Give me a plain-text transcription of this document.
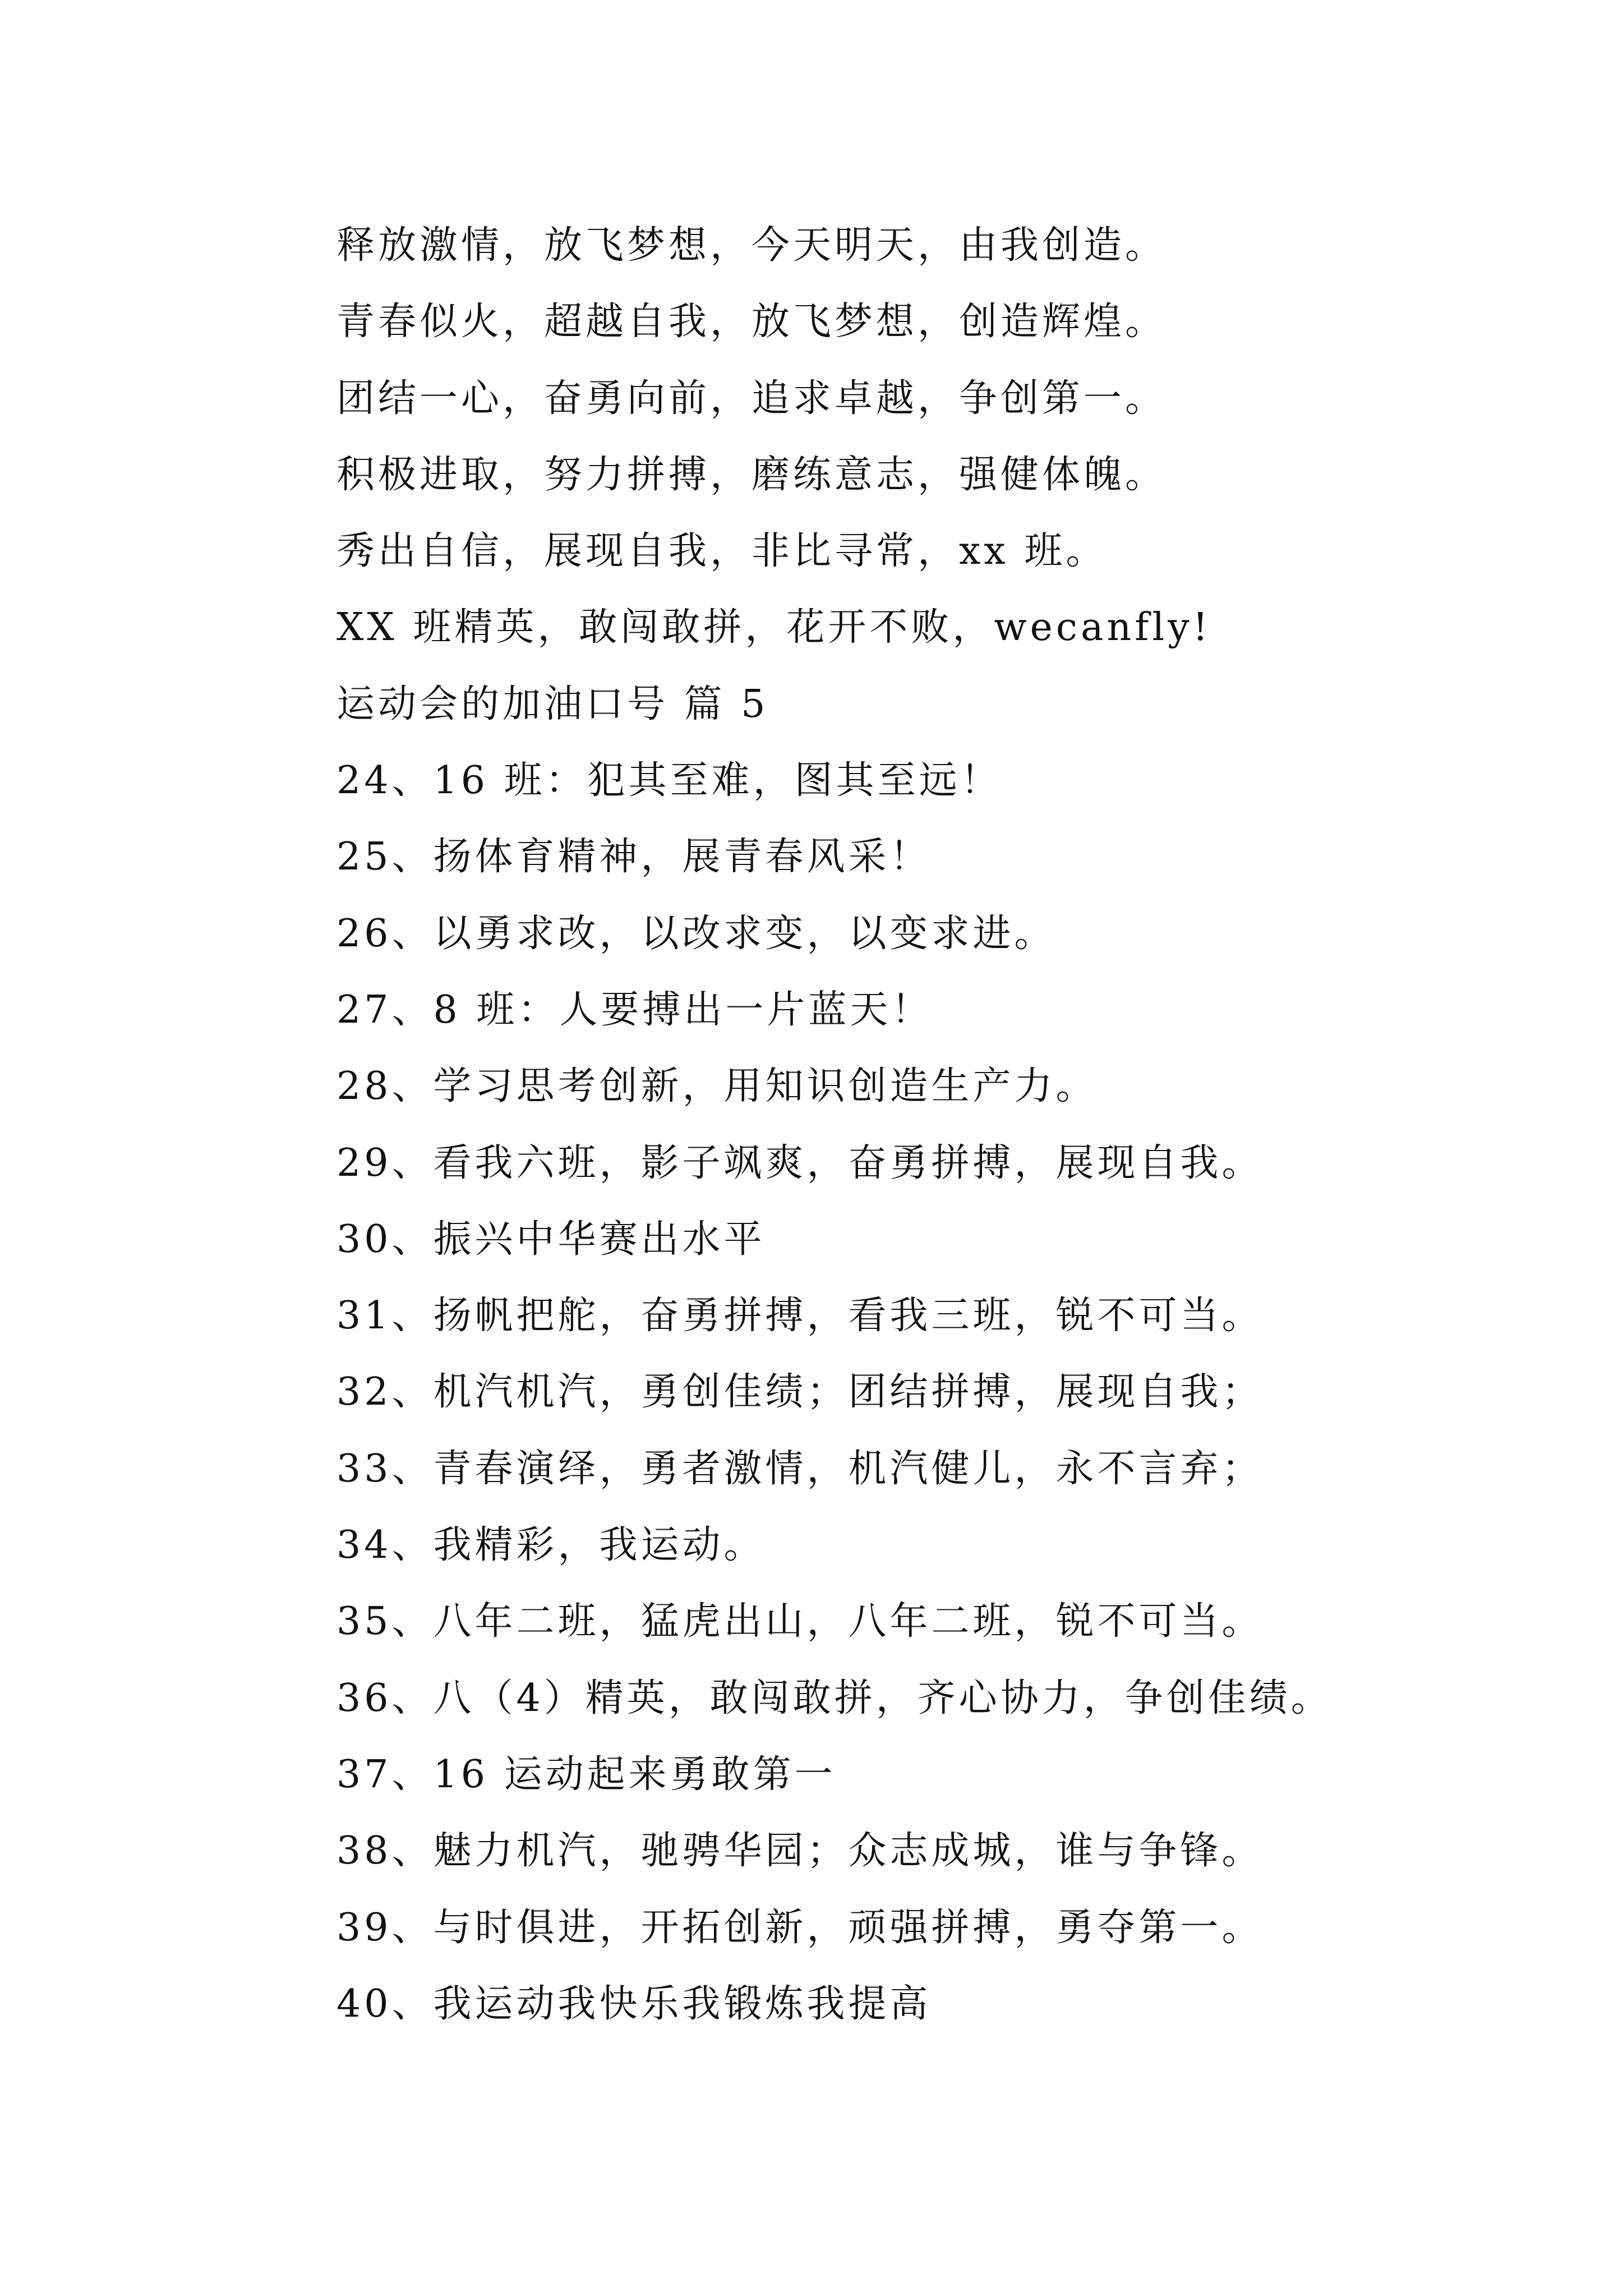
释放激情，放飞梦想，今天明天，由我创造。
青春似火，超越自我，放飞梦想，创造辉煌。
团结一心，奋勇向前，追求卓越，争创第一。
积极进取，努力拼搏，磨练意志，强健体魄。
秀出自信，展现自我，非比寻常，xx 班。
XX 班精英，敢闯敢拼，花开不败，wecanfly!
运动会的加油口号 篇 5
24、16 班：犯其至难，图其至远！
25、扬体育精神，展青春风采！
26、以勇求改，以改求变，以变求进。
27、8 班：人要搏出一片蓝天！
28、学习思考创新，用知识创造生产力。
29、看我六班，影子飒爽，奋勇拼搏，展现自我。
30、振兴中华赛出水平
31、扬帆把舵，奋勇拼搏，看我三班，锐不可当。
32、机汽机汽，勇创佳绩；团结拼搏，展现自我；
33、青春演绎，勇者激情，机汽健儿，永不言弃；
34、我精彩，我运动。
35、八年二班，猛虎出山，八年二班，锐不可当。
36、八（4）精英，敢闯敢拼，齐心协力，争创佳绩。
37、16 运动起来勇敢第一
38、魅力机汽，驰骋华园；众志成城，谁与争锋。
39、与时俱进，开拓创新，顽强拼搏，勇夺第一。
40、我运动我快乐我锻炼我提高
